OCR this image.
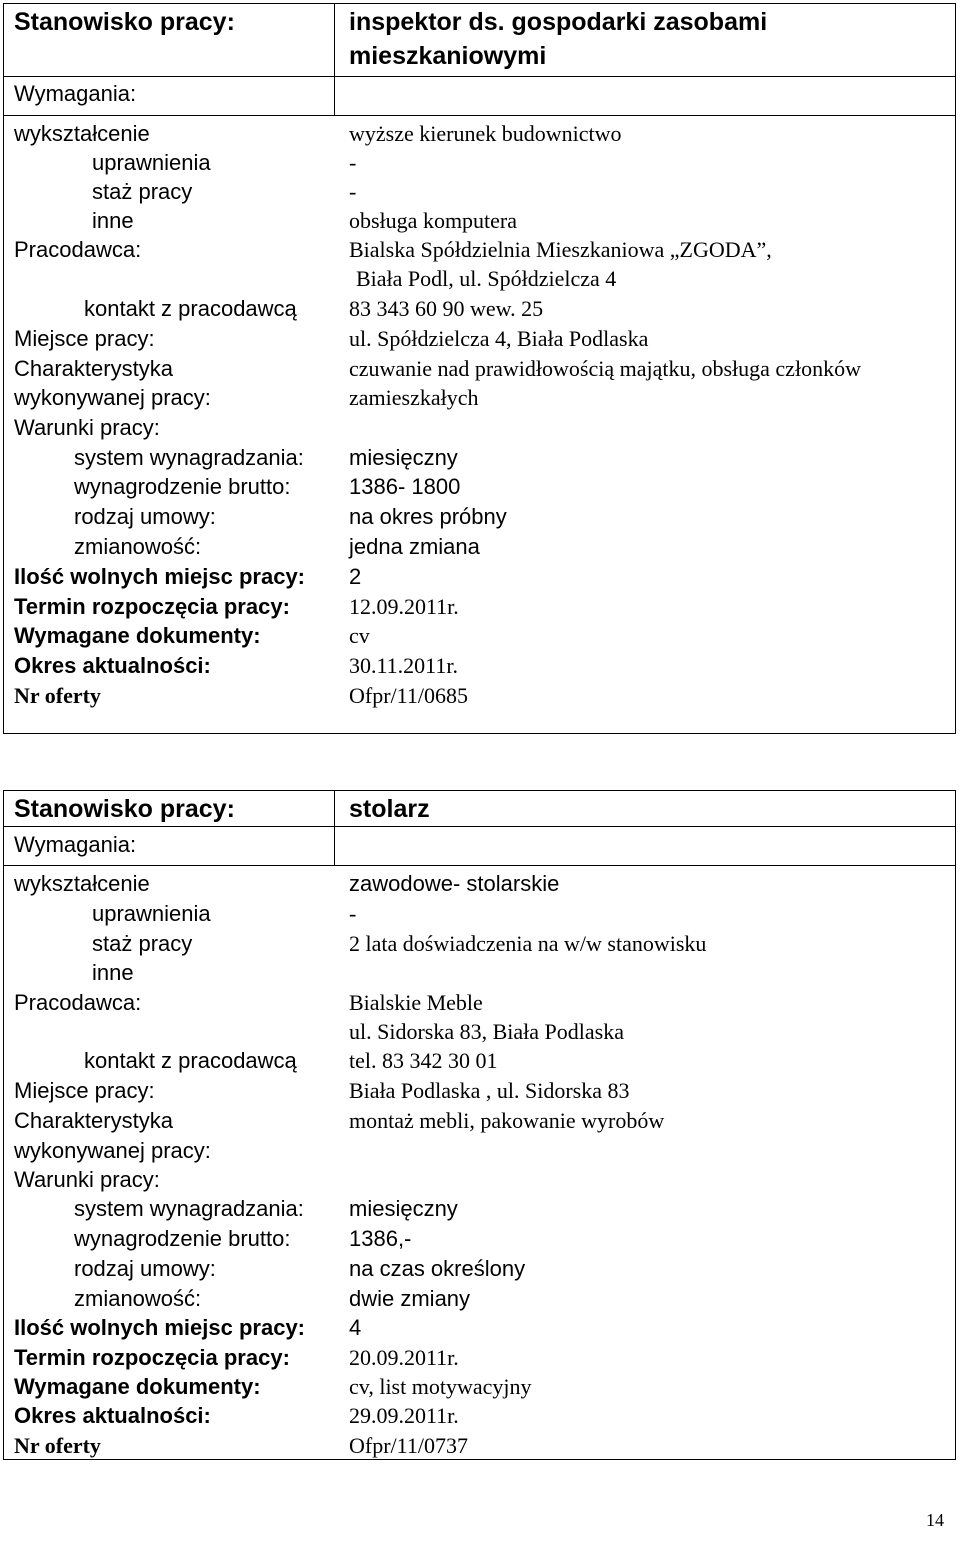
Stanowisko pracy:	inspektor ds. gospodarki zasobami
mieszkaniowymi
Wymagania:
wykształcenie	wyższe kierunek budownictwo
uprawnienia	-
staż pracy	-
inne	obsługa komputera
Pracodawca:	Bialska Spółdzielnia Mieszkaniowa „ZGODA”,
Biała Podl, ul. Spółdzielcza 4
kontakt z pracodawcą 83 343 60 90 wew. 25
Miejsce pracy:	ul. Spółdzielcza 4, Biała Podlaska
Charakterystyka	czuwanie nad prawidłowością majątku, obsługa członków
wykonywanej pracy:	zamieszkałych
Warunki pracy:
system wynagradzania: miesięczny
wynagrodzenie brutto:	1386- 1800
rodzaj umowy:	na okres próbny
zmianowość:	jedna zmiana
Ilość wolnych miejsc pracy: 2
Termin rozpoczęcia pracy:	12.09.2011r.
Wymagane dokumenty:	cv
Okres aktualności:	30.11.2011r.
Nr oferty	Ofpr/11/0685
Stanowisko pracy:	stolarz
Wymagania:
wykształcenie	zawodowe- stolarskie
uprawnienia	-
staż pracy	2 lata doświadczenia na w/w stanowisku
inne
Pracodawca:	Bialskie Meble
ul. Sidorska 83, Biała Podlaska
kontakt z pracodawcą tel. 83 342 30 01
Miejsce pracy:	Biała Podlaska , ul. Sidorska 83
Charakterystyka	montaż mebli, pakowanie wyrobów
wykonywanej pracy:
Warunki pracy:
system wynagradzania: miesięczny
wynagrodzenie brutto:	1386,-
rodzaj umowy:	na czas określony
zmianowość:	dwie zmiany
Ilość wolnych miejsc pracy: 4
Termin rozpoczęcia pracy:	20.09.2011r.
Wymagane dokumenty:	cv, list motywacyjny
Okres aktualności:	29.09.2011r.
Nr oferty	Ofpr/11/0737
14
